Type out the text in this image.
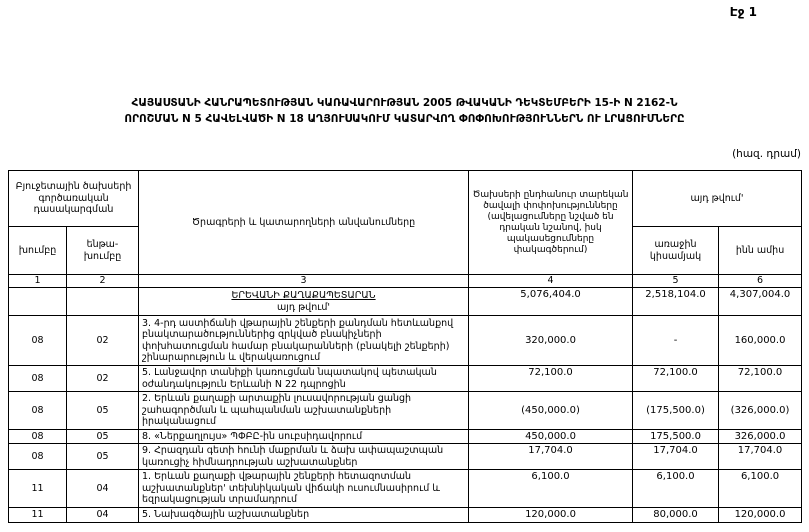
Էջ 1
ՀԱՅԱՍՏԱՆԻ ՀԱՆՐԱՊԵՏՈՒԹՅԱՆ ԿԱՌԱՎԱՐՈՒԹՅԱՆ 2005 ԹՎԱԿԱՆԻ ԴԵԿՏԵՄԲԵՐԻ 15-Ի N 2162-Ն
ՈՐՈՇՄԱՆ N 5 ՀԱՎԵԼՎԱԾԻ N 18 ԱՂՅՈՒՍԱԿՈՒՄ ԿԱՏԱՐՎՈՂ ՓՈՓՈԽՈՒԹՅՈՒՆՆԵՐՆ ՈՒ ԼՐԱՑՈՒՄՆԵՐԸ
(հազ. դրամ)
Բյուջետային ծախսերի գործառական դասակարգման		Ծրագրերի և կատարողների անվանումները	Ծախսերի ընդհանուր տարեկան ծավալի փոփոխությունները (ավելացումները նշված են դրական նշանով, իսկ պակասեցումները փակագծերում)	այդ թվում'	
խումբը	ենթա-խումբը			առաջին կիսամյակ	ինն ամիս
1	2	3	4	5	6

		ԵՐԵՎԱՆԻ ՔԱՂԱՔԱՊԵՏԱՐԱՆ
այդ թվում'	5,076,404.0	2,518,104.0	4,307,004.0
08	02	3. 4-րդ աստիճանի վթարային շենքերի քանդման հետևանքով բնակտարածություններից զրկված բնակիչների փոխհատուցման համար բնակարանների (բնակելի շենքերի) շինարարություն և վերակառուցում	320,000.0	-	160,000.0
08	02	5. Լանջավոր տանիքի կառուցման նպատակով պետական օժանդակություն Երևանի N 22 դպրոցին	72,100.0	72,100.0	72,100.0
08	05	2. Երևան քաղաքի արտաքին լուսավորության ցանցի շահագործման և պահպանման աշխատանքների իրականացում	(450,000.0)	(175,500.0)	(326,000.0)
08	05	8. «Ներքաղլույս» ՊՓԲԸ-ին սուբսիդավորում	450,000.0	175,500.0	326,000.0
08	05	9. Հրազդան գետի հունի մաքրման և ձախ ափապաշտպան կառուցիչ հիմնադրության աշխատանքներ	17,704.0	17,704.0	17,704.0
11	04	1. Երևան քաղաքի վթարային շենքերի հետազոտման աշխատանքներ' տեխնիկական վիճակի ուսումնասիրում և եզրակացության տրամադրում	6,100.0	6,100.0	6,100.0
11	04	5. Նախագծային աշխատանքներ	120,000.0	80,000.0	120,000.0
